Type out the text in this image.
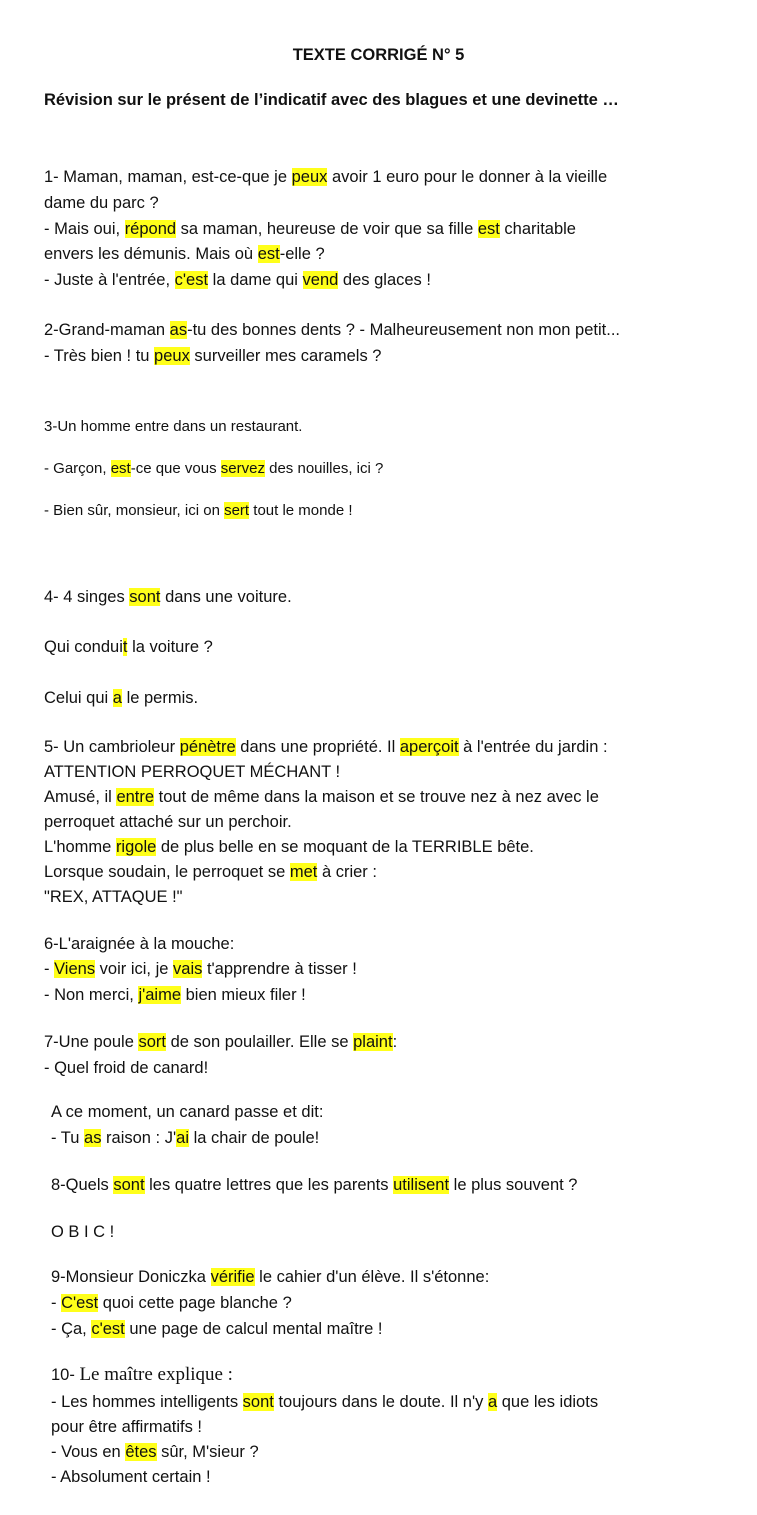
TEXTE CORRIGÉ N° 5
Révision sur le présent de l’indicatif avec des blagues et une devinette …
1- Maman, maman, est-ce-que je peux avoir 1 euro pour le donner à la vieille
dame du parc ?
- Mais oui, répond sa maman, heureuse de voir que sa fille est charitable
envers les démunis. Mais où est-elle ?
- Juste à l'entrée, c'est la dame qui vend des glaces !
2-Grand-maman as-tu des bonnes dents ? - Malheureusement non mon petit...
- Très bien ! tu peux surveiller mes caramels ?
3-Un homme entre dans un restaurant.
- Garçon, est-ce que vous servez des nouilles, ici ?
- Bien sûr, monsieur, ici on sert tout le monde !
4- 4 singes sont dans une voiture.
Qui conduit la voiture ?
Celui qui a le permis.
5- Un cambrioleur pénètre dans une propriété. Il aperçoit à l'entrée du jardin :
ATTENTION PERROQUET MÉCHANT !
Amusé, il entre tout de même dans la maison et se trouve nez à nez avec le
perroquet attaché sur un perchoir.
L'homme rigole de plus belle en se moquant de la TERRIBLE bête.
Lorsque soudain, le perroquet se met à crier :
"REX, ATTAQUE !"
6-L'araignée à la mouche:
- Viens voir ici, je vais t'apprendre à tisser !
- Non merci, j'aime bien mieux filer !
7-Une poule sort de son poulailler. Elle se plaint:
- Quel froid de canard!
A ce moment, un canard passe et dit:
- Tu as raison : J'ai la chair de poule!
8-Quels sont les quatre lettres que les parents utilisent le plus souvent ?
O B I C !
9-Monsieur Doniczka vérifie le cahier d'un élève. Il s'étonne:
- C'est quoi cette page blanche ?
- Ça, c'est une page de calcul mental maître !
10- Le maître explique :
- Les hommes intelligents sont toujours dans le doute. Il n'y a que les idiots
pour être affirmatifs !
- Vous en êtes sûr, M'sieur ?
- Absolument certain !
